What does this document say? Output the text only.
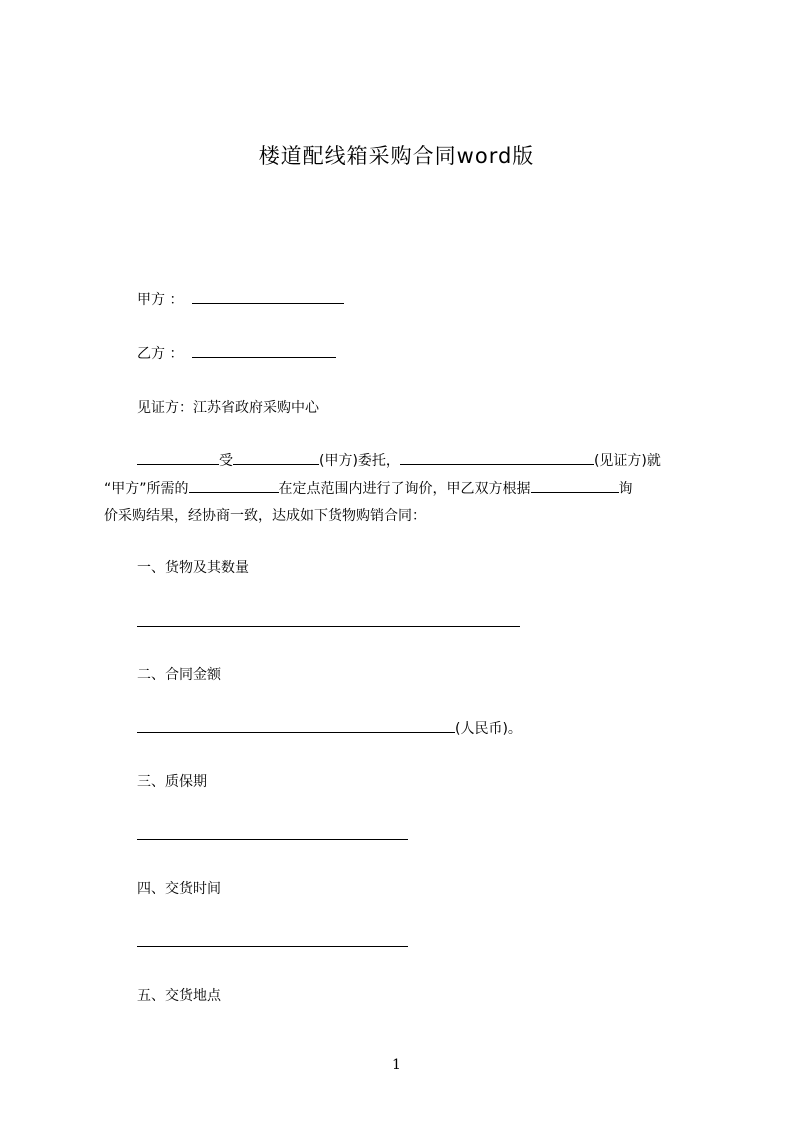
楼道配线箱采购合同word版
甲方 ：
乙方 ：
见证方：江苏省政府采购中心
受	(甲方)委托，	(见证方)就
“甲方”所需的	在定点范围内进行了询价，甲乙双方根据	询
价采购结果，经协商一致，达成如下货物购销合同：
一、货物及其数量
二、合同金额
(人民币)。
三、质保期
四、交货时间
五、交货地点
1
